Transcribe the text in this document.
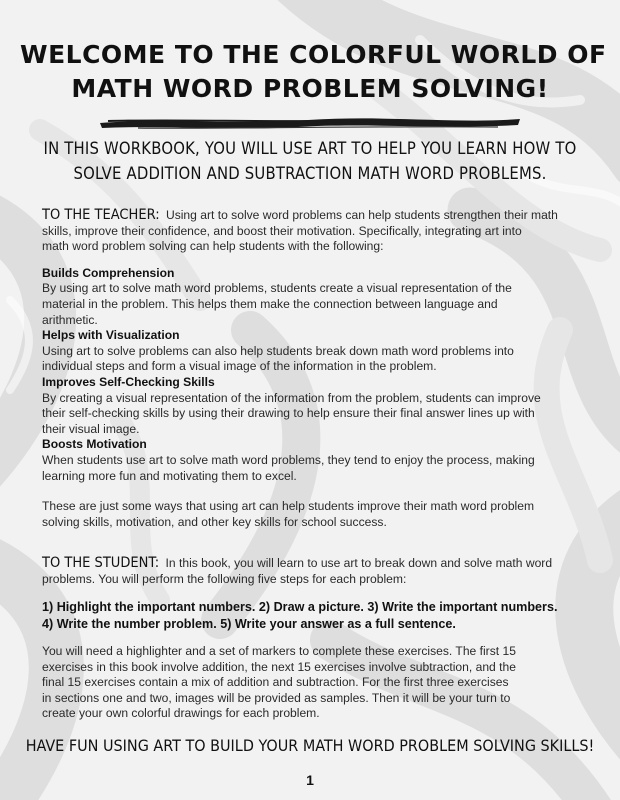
WELCOME TO THE COLORFUL WORLD OF
MATH WORD PROBLEM SOLVING!
IN THIS WORKBOOK, YOU WILL USE ART TO HELP YOU LEARN HOW TO
SOLVE ADDITION AND SUBTRACTION MATH WORD PROBLEMS.
TO THE TEACHER: Using art to solve word problems can help students strengthen their math
skills, improve their confidence, and boost their motivation. Specifically, integrating art into
math word problem solving can help students with the following:
Builds Comprehension
By using art to solve math word problems, students create a visual representation of the
material in the problem. This helps them make the connection between language and
arithmetic.
Helps with Visualization
Using art to solve problems can also help students break down math word problems into
individual steps and form a visual image of the information in the problem.
Improves Self-Checking Skills
By creating a visual representation of the information from the problem, students can improve
their self-checking skills by using their drawing to help ensure their final answer lines up with
their visual image.
Boosts Motivation
When students use art to solve math word problems, they tend to enjoy the process, making
learning more fun and motivating them to excel.
These are just some ways that using art can help students improve their math word problem
solving skills, motivation, and other key skills for school success.
TO THE STUDENT: In this book, you will learn to use art to break down and solve math word
problems. You will perform the following five steps for each problem:
1) Highlight the important numbers. 2) Draw a picture. 3) Write the important numbers.
4) Write the number problem. 5) Write your answer as a full sentence.
You will need a highlighter and a set of markers to complete these exercises. The first 15
exercises in this book involve addition, the next 15 exercises involve subtraction, and the
final 15 exercises contain a mix of addition and subtraction. For the first three exercises
in sections one and two, images will be provided as samples. Then it will be your turn to
create your own colorful drawings for each problem.
HAVE FUN USING ART TO BUILD YOUR MATH WORD PROBLEM SOLVING SKILLS!
1
